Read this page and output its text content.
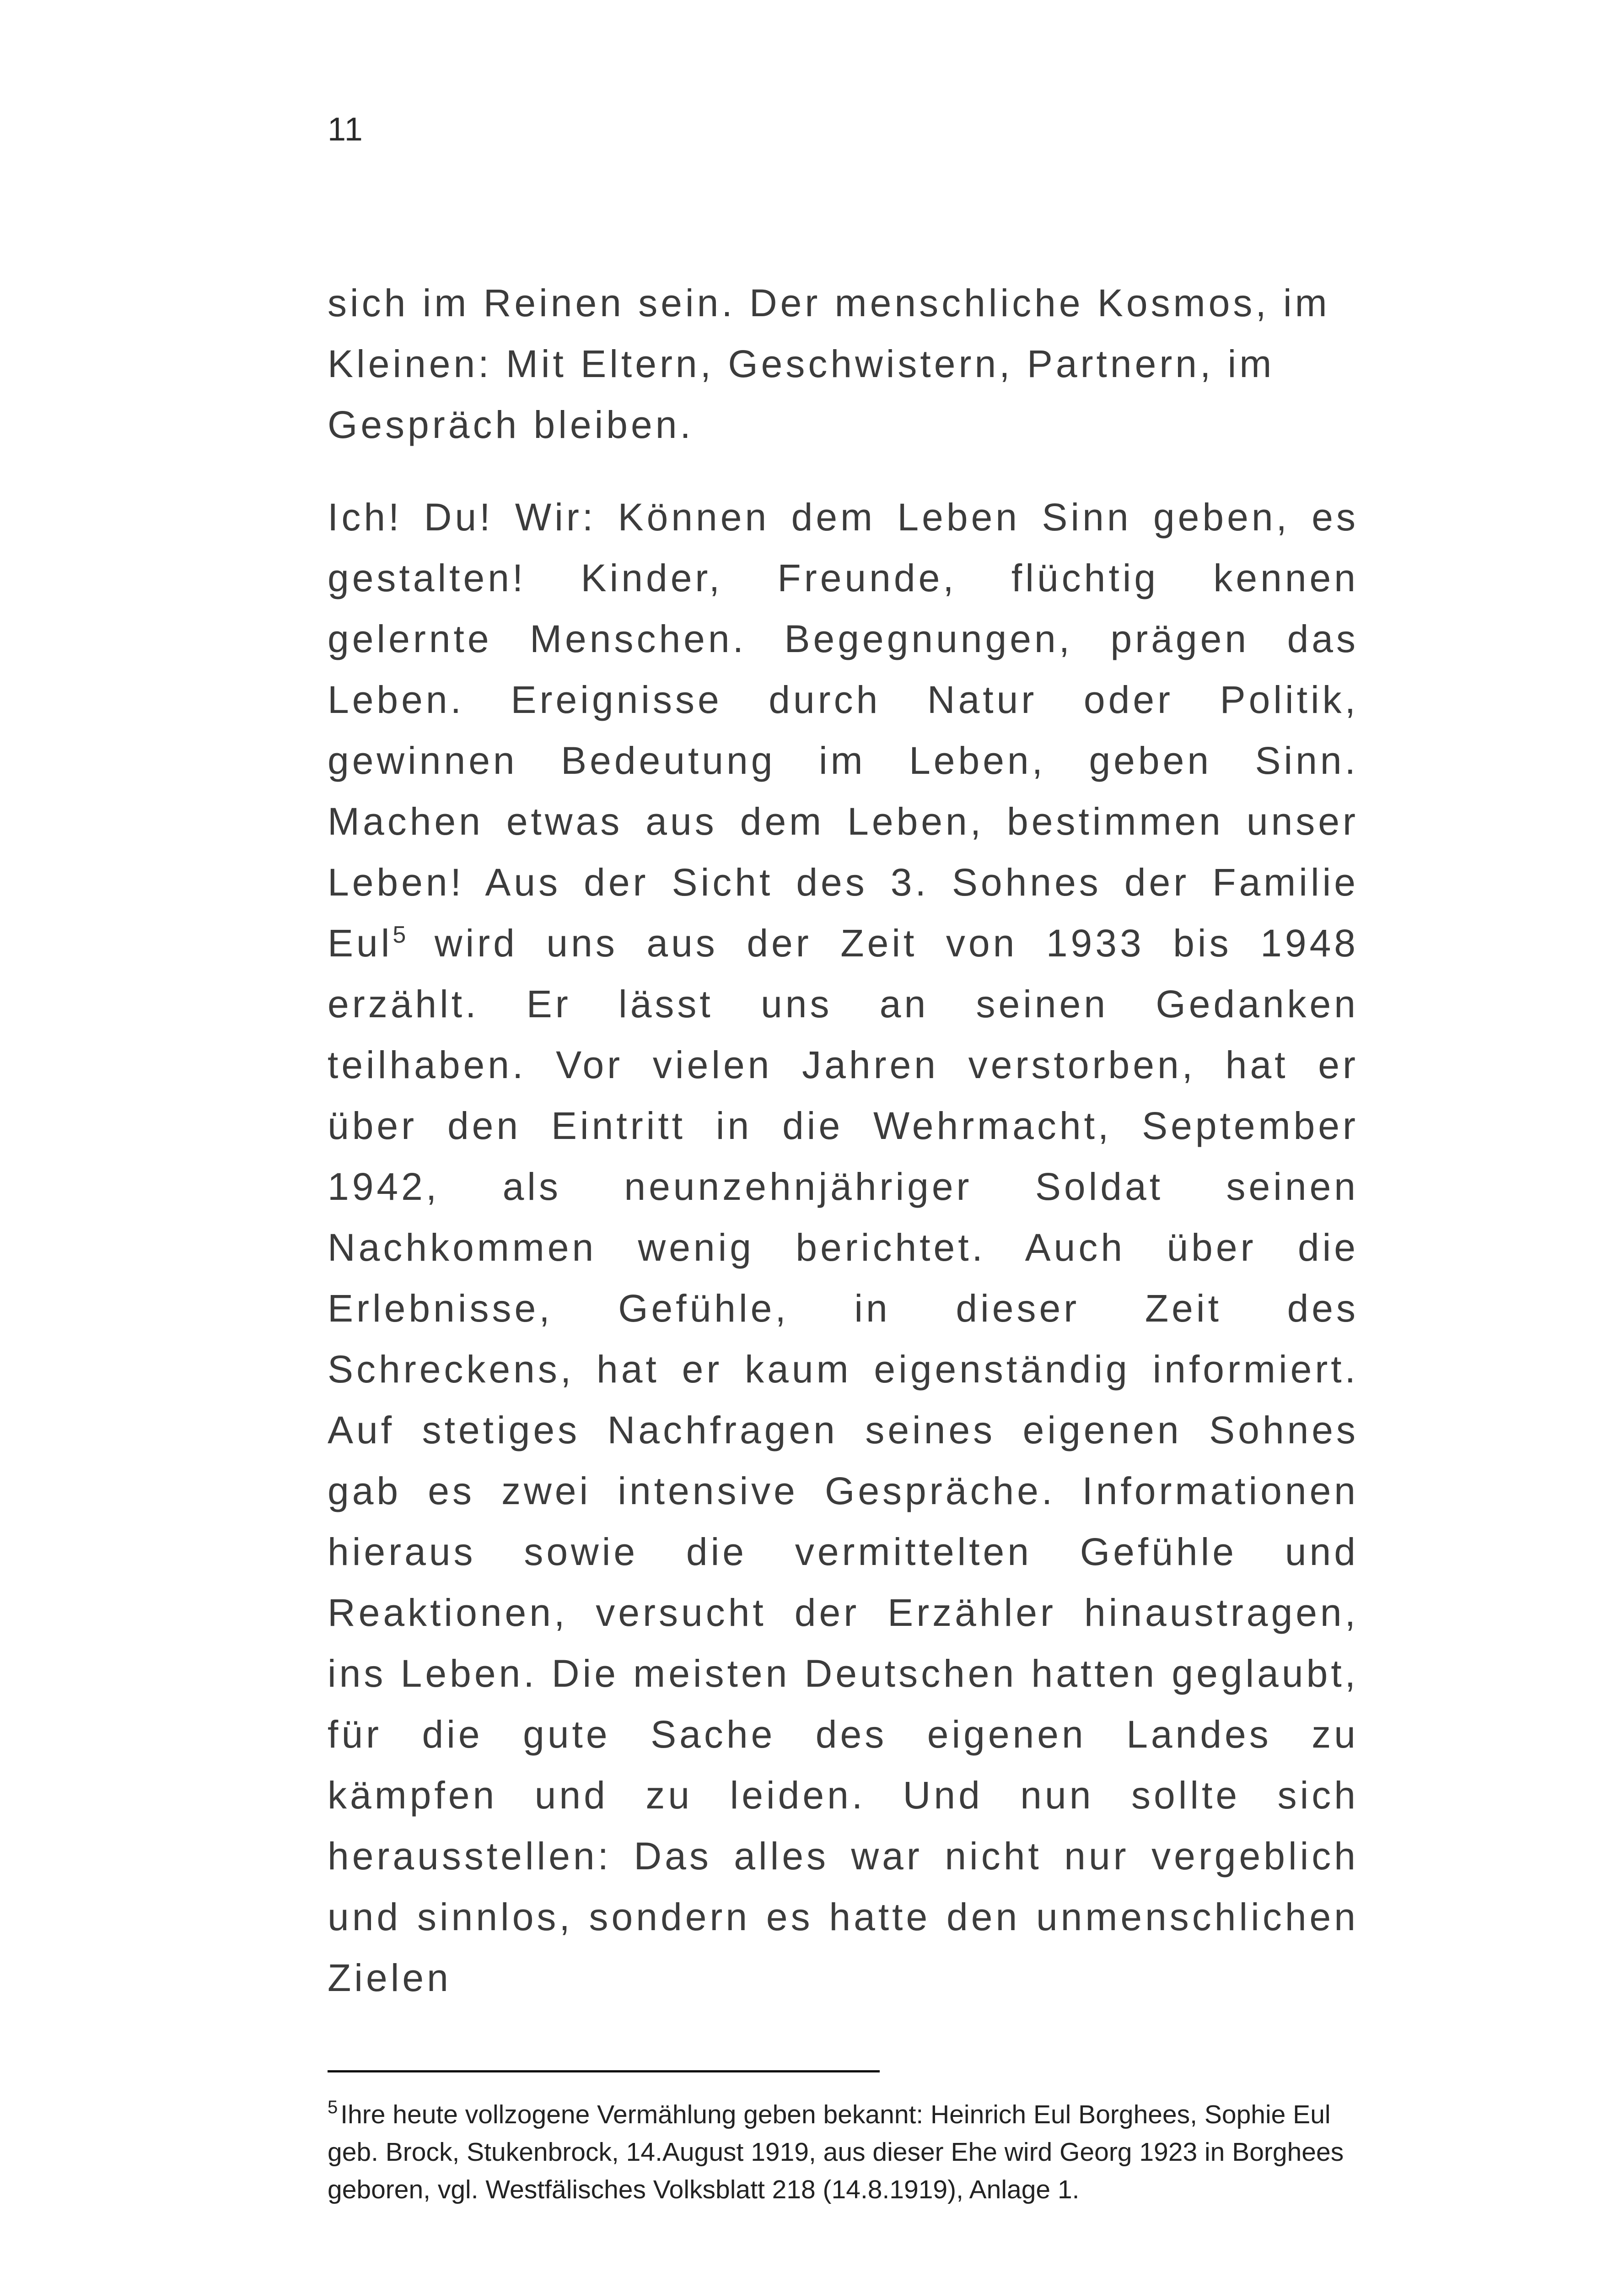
11

sich im Reinen sein. Der menschliche Kosmos, im Kleinen: Mit Eltern, Geschwistern, Partnern, im Gespräch bleiben.

Ich! Du! Wir: Können dem Leben Sinn geben, es gestalten! Kinder, Freunde, flüchtig kennen gelernte Menschen. Begegnungen, prägen das Leben. Ereignisse durch Natur oder Politik, gewinnen Bedeutung im Leben, geben Sinn. Machen etwas aus dem Leben, bestimmen unser Leben! Aus der Sicht des 3. Sohnes der Familie Eul$^5$ wird uns aus der Zeit von 1933 bis 1948 erzählt. Er lässt uns an seinen Gedanken teilhaben. Vor vielen Jahren verstorben, hat er über den Eintritt in die Wehrmacht, September 1942, als neunzehnjähriger Soldat seinen Nachkommen wenig berichtet. Auch über die Erlebnisse, Gefühle, in dieser Zeit des Schreckens, hat er kaum eigenständig informiert. Auf stetiges Nachfragen seines eigenen Sohnes gab es zwei intensive Gespräche. Informationen hieraus sowie die vermittelten Gefühle und Reaktionen, versucht der Erzähler hinaustragen, ins Leben. Die meisten Deutschen hatten geglaubt, für die gute Sache des eigenen Landes zu kämpfen und zu leiden. Und nun sollte sich herausstellen: Das alles war nicht nur vergeblich und sinnlos, sondern es hatte den unmenschlichen Zielen

$^5$ Ihre heute vollzogene Vermählung geben bekannt: Heinrich Eul Borghees, Sophie Eul geb. Brock, Stukenbrock, 14.August 1919, aus dieser Ehe wird Georg 1923 in Borghees geboren, vgl. Westfälisches Volksblatt 218 (14.8.1919), Anlage 1.
